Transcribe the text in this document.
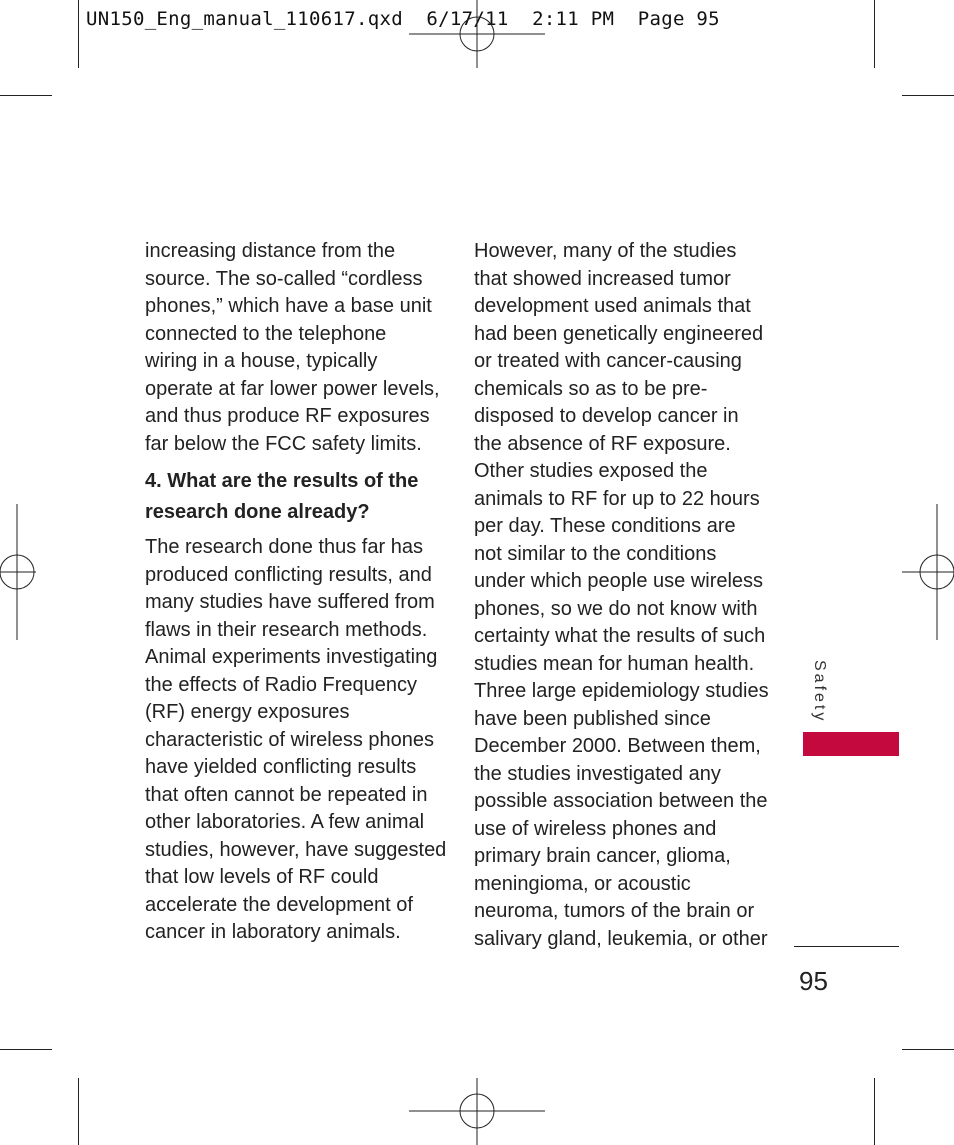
UN150_Eng_manual_110617.qxd  6/17/11  2:11 PM  Page 95

increasing distance from the
source. The so-called “cordless
phones,” which have a base unit
connected to the telephone
wiring in a house, typically
operate at far lower power levels,
and thus produce RF exposures
far below the FCC safety limits.

4. What are the results of the
research done already?

The research done thus far has
produced conflicting results, and
many studies have suffered from
flaws in their research methods.
Animal experiments investigating
the effects of Radio Frequency
(RF) energy exposures
characteristic of wireless phones
have yielded conflicting results
that often cannot be repeated in
other laboratories. A few animal
studies, however, have suggested
that low levels of RF could
accelerate the development of
cancer in laboratory animals.

However, many of the studies
that showed increased tumor
development used animals that
had been genetically engineered
or treated with cancer-causing
chemicals so as to be pre-
disposed to develop cancer in
the absence of RF exposure.
Other studies exposed the
animals to RF for up to 22 hours
per day. These conditions are
not similar to the conditions
under which people use wireless
phones, so we do not know with
certainty what the results of such
studies mean for human health.
Three large epidemiology studies
have been published since
December 2000. Between them,
the studies investigated any
possible association between the
use of wireless phones and
primary brain cancer, glioma,
meningioma, or acoustic
neuroma, tumors of the brain or
salivary gland, leukemia, or other

Safety
95
